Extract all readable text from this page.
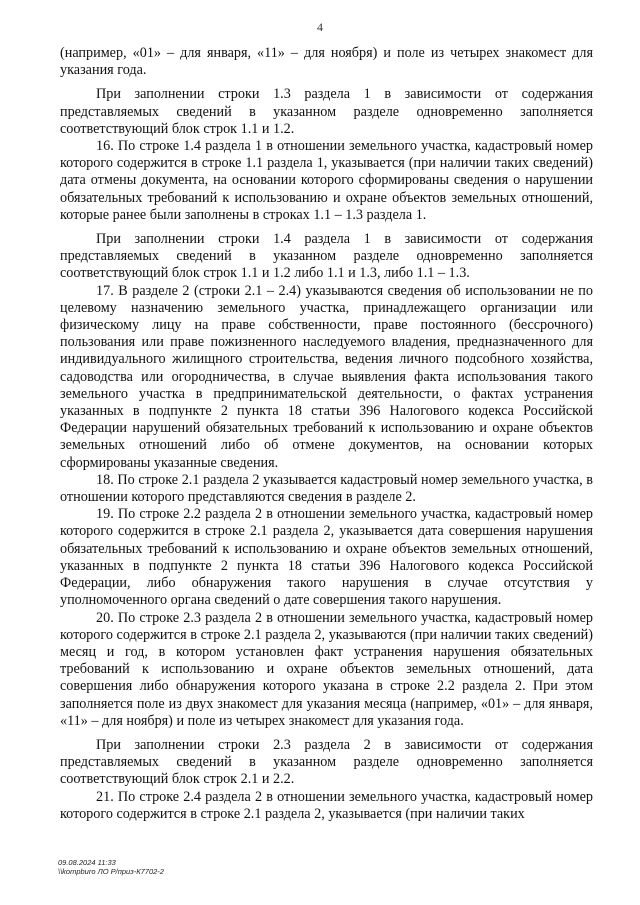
4

(например, «01» – для января, «11» – для ноября) и поле из четырех знакомест для указания года.

При заполнении строки 1.3 раздела 1 в зависимости от содержания представляемых сведений в указанном разделе одновременно заполняется соответствующий блок строк 1.1 и 1.2.

16. По строке 1.4 раздела 1 в отношении земельного участка, кадастровый номер которого содержится в строке 1.1 раздела 1, указывается (при наличии таких сведений) дата отмены документа, на основании которого сформированы сведения о нарушении обязательных требований к использованию и охране объектов земельных отношений, которые ранее были заполнены в строках 1.1 – 1.3 раздела 1.

При заполнении строки 1.4 раздела 1 в зависимости от содержания представляемых сведений в указанном разделе одновременно заполняется соответствующий блок строк 1.1 и 1.2 либо 1.1 и 1.3, либо 1.1 – 1.3.

17. В разделе 2 (строки 2.1 – 2.4) указываются сведения об использовании не по целевому назначению земельного участка, принадлежащего организации или физическому лицу на праве собственности, праве постоянного (бессрочного) пользования или праве пожизненного наследуемого владения, предназначенного для индивидуального жилищного строительства, ведения личного подсобного хозяйства, садоводства или огородничества, в случае выявления факта использования такого земельного участка в предпринимательской деятельности, о фактах устранения указанных в подпункте 2 пункта 18 статьи 396 Налогового кодекса Российской Федерации нарушений обязательных требований к использованию и охране объектов земельных отношений либо об отмене документов, на основании которых сформированы указанные сведения.

18. По строке 2.1 раздела 2 указывается кадастровый номер земельного участка, в отношении которого представляются сведения в разделе 2.

19. По строке 2.2 раздела 2 в отношении земельного участка, кадастровый номер которого содержится в строке 2.1 раздела 2, указывается дата совершения нарушения обязательных требований к использованию и охране объектов земельных отношений, указанных в подпункте 2 пункта 18 статьи 396 Налогового кодекса Российской Федерации, либо обнаружения такого нарушения в случае отсутствия у уполномоченного органа сведений о дате совершения такого нарушения.

20. По строке 2.3 раздела 2 в отношении земельного участка, кадастровый номер которого содержится в строке 2.1 раздела 2, указываются (при наличии таких сведений) месяц и год, в котором установлен факт устранения нарушения обязательных требований к использованию и охране объектов земельных отношений, дата совершения либо обнаружения которого указана в строке 2.2 раздела 2. При этом заполняется поле из двух знакомест для указания месяца (например, «01» – для января, «11» – для ноября) и поле из четырех знакомест для указания года.

При заполнении строки 2.3 раздела 2 в зависимости от содержания представляемых сведений в указанном разделе одновременно заполняется соответствующий блок строк 2.1 и 2.2.

21. По строке 2.4 раздела 2 в отношении земельного участка, кадастровый номер которого содержится в строке 2.1 раздела 2, указывается (при наличии таких

09.08.2024 11:33
\\kompburo ЛО Р/приз-К7702-2
